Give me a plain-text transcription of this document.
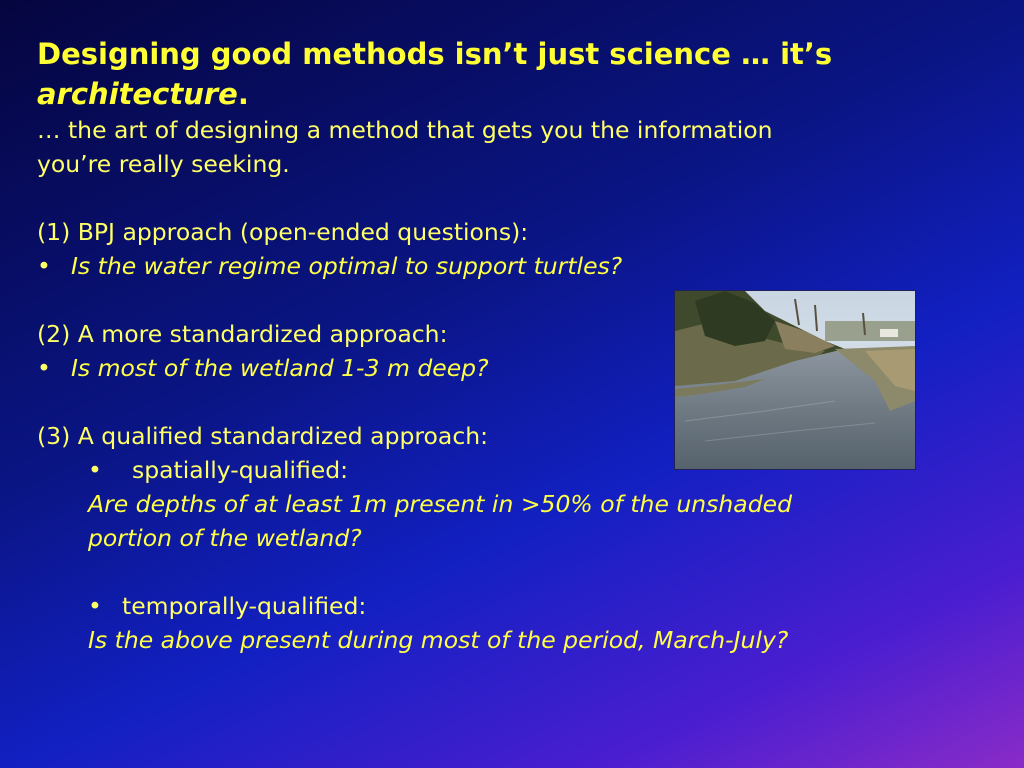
Designing good methods isn’t just science … it’s
architecture.
… the art of designing a method that gets you the information
you’re really seeking.
(1) BPJ approach (open-ended questions):
• Is the water regime optimal to support turtles?
(2) A more standardized approach:
• Is most of the wetland 1-3 m deep?
(3) A qualified standardized approach:
• spatially-qualified:
Are depths of at least 1m present in >50% of the unshaded
portion of the wetland?
• temporally-qualified:
Is the above present during most of the period, March-July?
